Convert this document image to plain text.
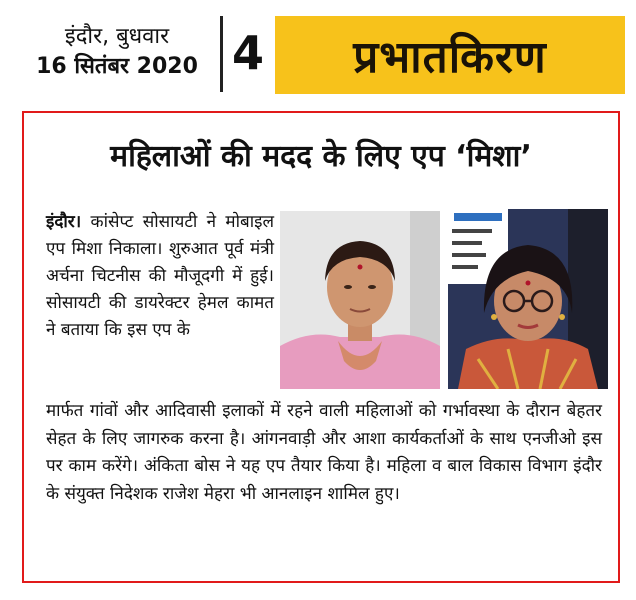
इंदौर, बुधवार
16 सितंबर 2020 4	प्रभातकिरण
महिलाओं की मदद के लिए एप ‘मिशा’
इंदौर। कांसेप्ट सोसायटी ने मोबाइल एप मिशा निकाला। शुरुआत पूर्व मंत्री अर्चना चिटनीस की मौजूदगी में हुई। सोसायटी की डायरेक्टर हेमल कामत ने बताया कि इस एप के
मार्फत गांवों और आदिवासी इलाकों में रहने वाली महिलाओं को गर्भावस्था के दौरान बेहतर सेहत के लिए जागरुक करना है। आंगनवाड़ी और आशा कार्यकर्ताओं के साथ एनजीओ इस पर काम करेंगे। अंकिता बोस ने यह एप तैयार किया है। महिला व बाल विकास विभाग इंदौर के संयुक्त निदेशक राजेश मेहरा भी आनलाइन शामिल हुए।
